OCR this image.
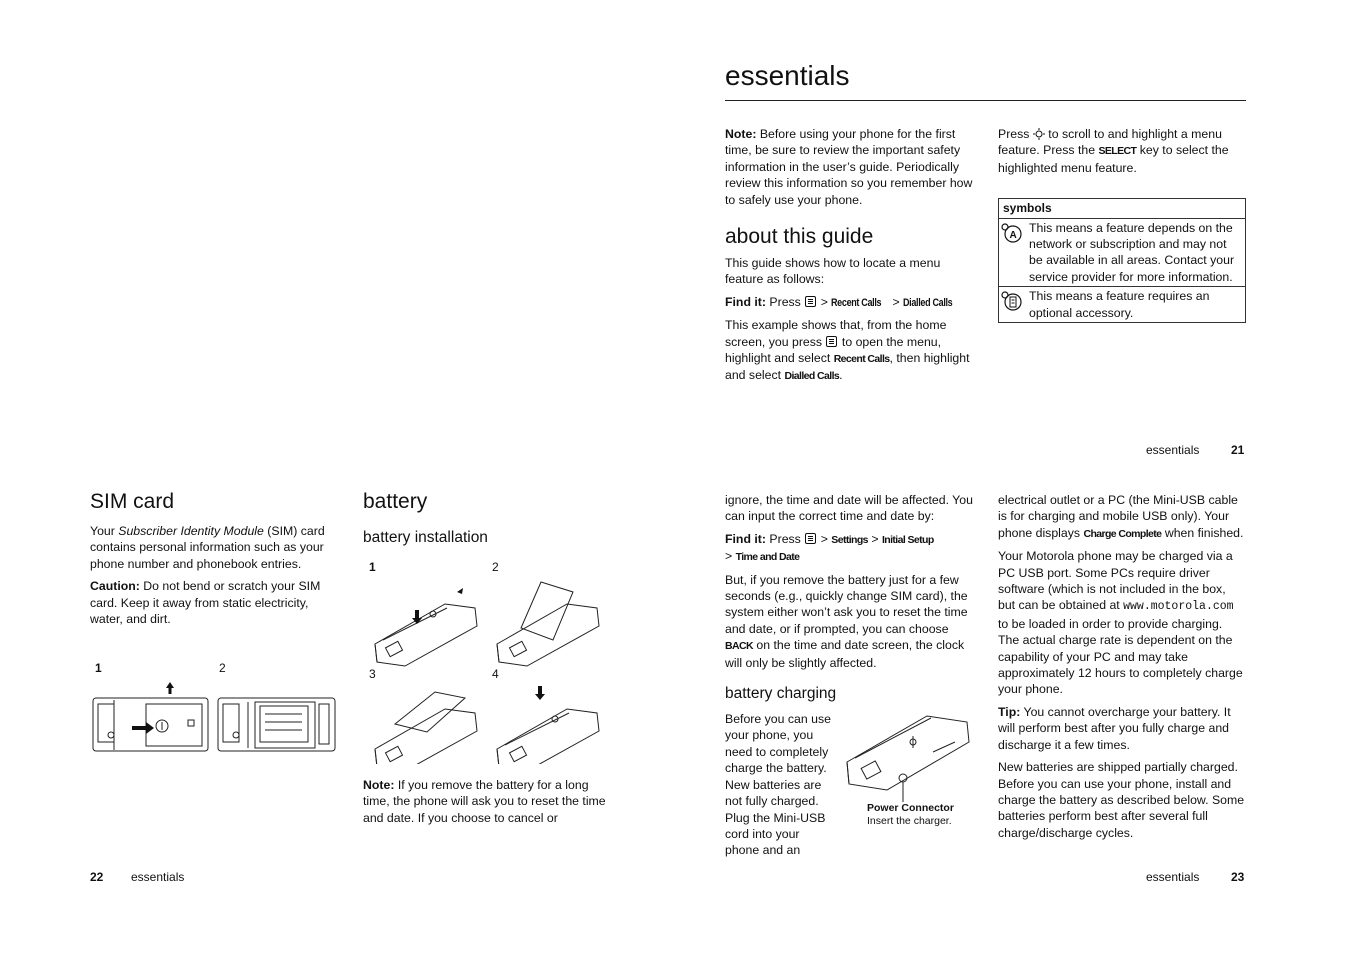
essentials

Note: Before using your phone for the first time, be sure to review the important safety information in the user’s guide. Periodically review this information so you remember how to safely use your phone.

about this guide

This guide shows how to locate a menu feature as follows:

Find it: Press  > Recent Calls > Dialled Calls

This example shows that, from the home screen, you press  to open the menu, highlight and select Recent Calls, then highlight and select Dialled Calls.

Press  to scroll to and highlight a menu feature. Press the SELECT key to select the highlighted menu feature.

symbols	

A	This means a feature depends on the network or subscription and may not be available in all areas. Contact your service provider for more information.

	This means a feature requires an optional accessory.
essentials	21
SIM card

Your Subscriber Identity Module (SIM) card contains personal information such as your phone number and phonebook entries.

Caution: Do not bend or scratch your SIM card. Keep it away from static electricity, water, and dirt.

1	2
battery
battery installation
1	2
3	4

Note: If you remove the battery for a long time, the phone will ask you to reset the time and date. If you choose to cancel or

22 essentials

ignore, the time and date will be affected. You can input the correct time and date by:

Find it: Press  > Settings > Initial Setup
> Time and Date

But, if you remove the battery just for a few seconds (e.g., quickly change SIM card), the system either won’t ask you to reset the time and date, or if prompted, you can choose BACK on the time and date screen, the clock will only be slightly affected.

battery charging

Before you can use your phone, you need to completely charge the battery. New batteries are not fully charged. Plug the Mini-USB cord into your phone and an

Power Connector
Insert the charger.

electrical outlet or a PC (the Mini-USB cable is for charging and mobile USB only). Your phone displays Charge Complete when finished.

Your Motorola phone may be charged via a PC USB port. Some PCs require driver software (which is not included in the box, but can be obtained at www.motorola.com to be loaded in order to provide charging. The actual charge rate is dependent on the capability of your PC and may take approximately 12 hours to completely charge your phone.

Tip: You cannot overcharge your battery. It will perform best after you fully charge and discharge it a few times.

New batteries are shipped partially charged. Before you can use your phone, install and charge the battery as described below. Some batteries perform best after several full charge/discharge cycles.

essentials	23
